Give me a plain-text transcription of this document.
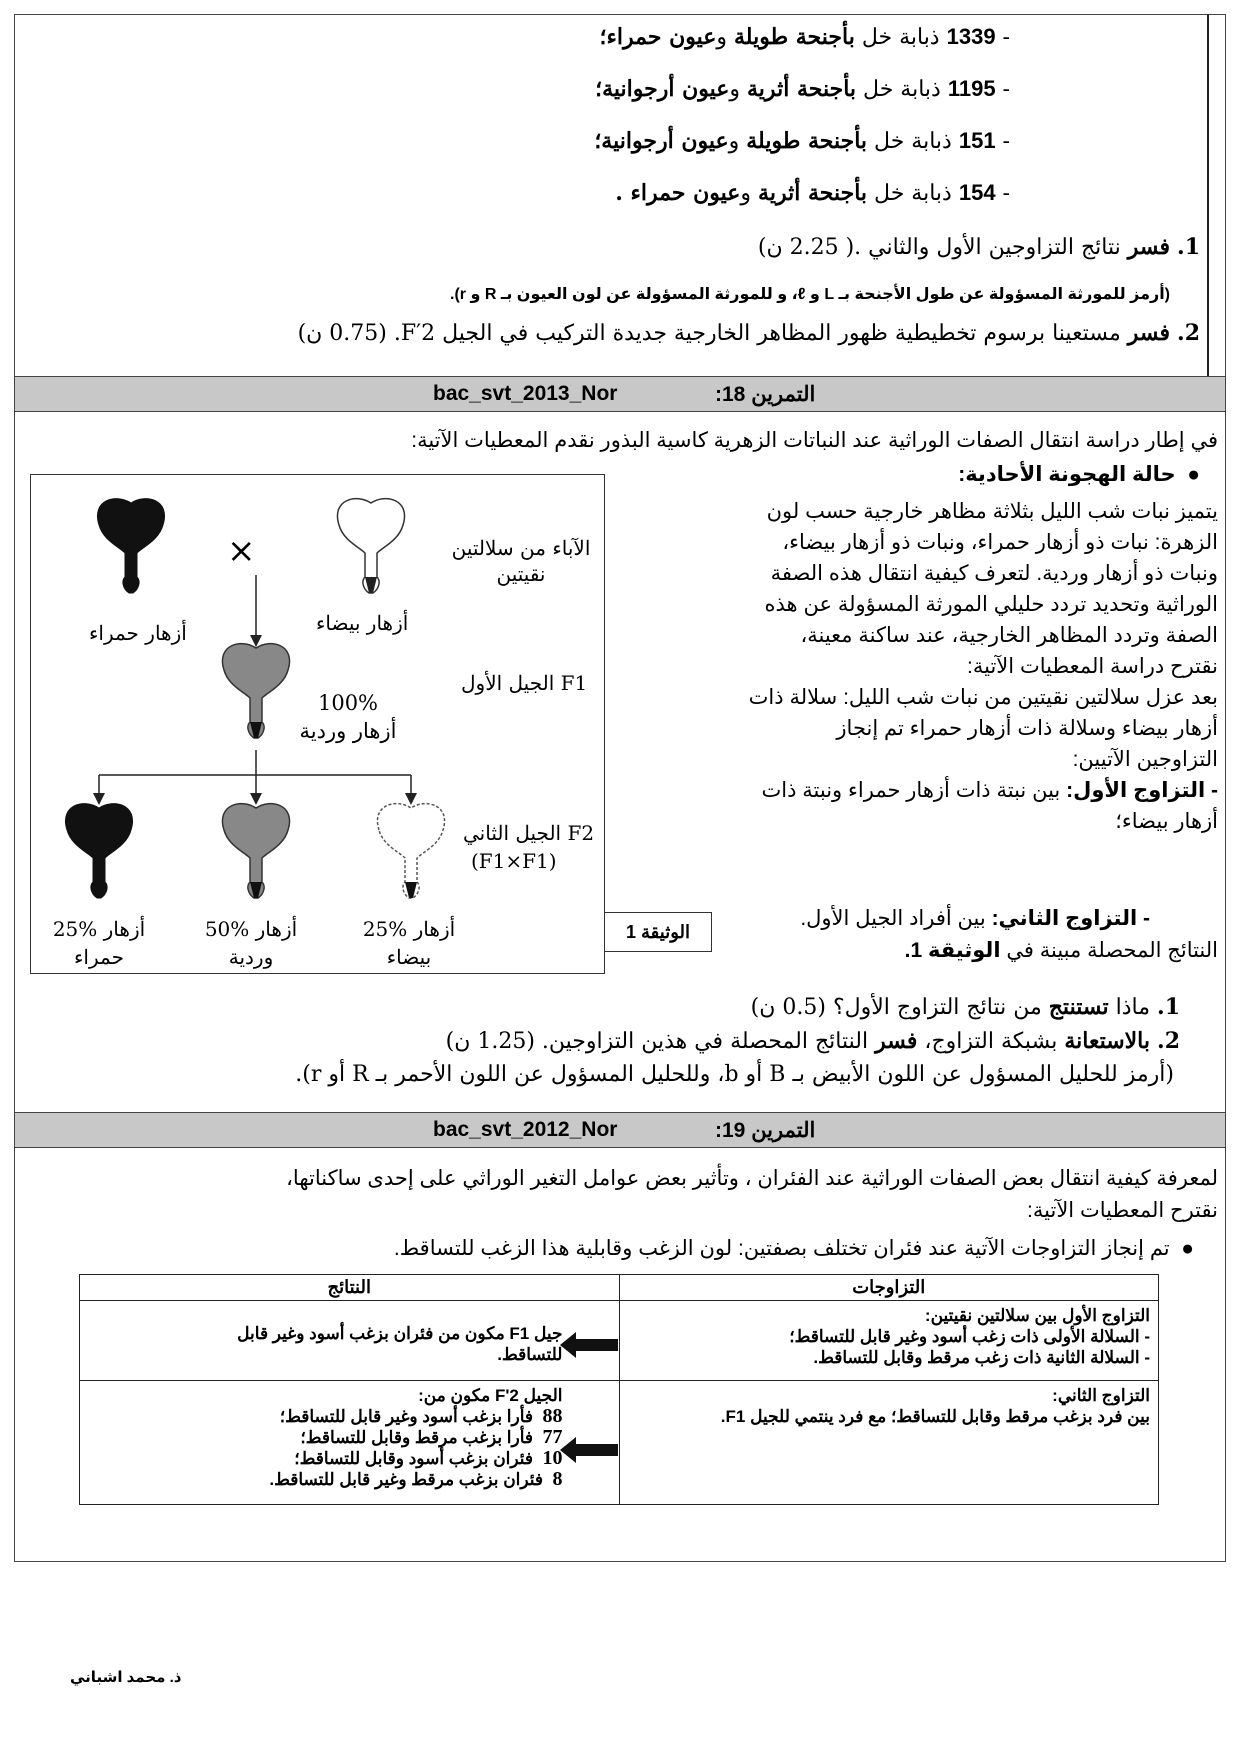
- 1339 ذبابة خل بأجنحة طويلة وعيون حمراء؛
- 1195 ذبابة خل بأجنحة أثرية وعيون أرجوانية؛
- 151 ذبابة خل بأجنحة طويلة وعيون أرجوانية؛
- 154 ذبابة خل بأجنحة أثرية وعيون حمراء .
1. فسر نتائج التزاوجين الأول والثاني .( 2.25 ن)
(أرمز للمورثة المسؤولة عن طول الأجنحة بـ L و ℓ، و للمورثة المسؤولة عن لون العيون بـ R و r).
2. فسر مستعينا برسوم تخطيطية ظهور المظاهر الخارجية جديدة التركيب في الجيل F′2. (0.75 ن)
bac_svt_2013_Nor	التمرين 18:
في إطار دراسة انتقال الصفات الوراثية عند النباتات الزهرية كاسية البذور نقدم المعطيات الآتية:
●  حالة الهجونة الأحادية:
يتميز نبات شب الليل بثلاثة مظاهر خارجية حسب لون
الزهرة: نبات ذو أزهار حمراء، ونبات ذو أزهار بيضاء،
ونبات ذو أزهار وردية. لتعرف كيفية انتقال هذه الصفة
الوراثية وتحديد تردد حليلي المورثة المسؤولة عن هذه
الصفة وتردد المظاهر الخارجية، عند ساكنة معينة،
نقترح دراسة المعطيات الآتية:
بعد عزل سلالتين نقيتين من نبات شب الليل: سلالة ذات
أزهار بيضاء وسلالة ذات أزهار حمراء تم إنجاز
التزاوجين الآتيين:
- التزاوج الأول: بين نبتة ذات أزهار حمراء ونبتة ذات
أزهار بيضاء؛
- التزاوج الثاني: بين أفراد الجيل الأول.
النتائج المحصلة مبينة في الوثيقة 1.
الوثيقة 1
×	الآباء من سلالتين نقيتين
أزهار بيضاء
أزهار حمراء
الجيل الأول F1
100% أزهار وردية
الجيل الثاني F2
(F1×F1)
25% أزهار بيضاء
50% أزهار وردية
25% أزهار حمراء
1. ماذا تستنتج من نتائج التزاوج الأول؟ (0.5 ن)
2. بالاستعانة بشبكة التزاوج، فسر النتائج المحصلة في هذين التزاوجين. (1.25 ن)
(أرمز للحليل المسؤول عن اللون الأبيض بـ B أو b، وللحليل المسؤول عن اللون الأحمر بـ R أو r).
bac_svt_2012_Nor	التمرين 19:
لمعرفة كيفية انتقال بعض الصفات الوراثية عند الفئران ، وتأثير بعض عوامل التغير الوراثي على إحدى ساكناتها،
نقترح المعطيات الآتية:
●  تم إنجاز التزاوجات الآتية عند فئران تختلف بصفتين: لون الزغب وقابلية هذا الزغب للتساقط.
التزاوجات	النتائج

التزاوج الأول بين سلالتين نقيتين:
- السلالة الأولى ذات زغب أسود وغير قابل للتساقط؛
- السلالة الثانية ذات زغب مرقط وقابل للتساقط.	جيل F1 مكون من فئران بزغب أسود وغير قابل
للتساقط.

التزاوج الثاني:
بين فرد بزغب مرقط وقابل للتساقط؛ مع فرد ينتمي للجيل F1.	الجيل F'2 مكون من:
88  فأرا بزغب أسود وغير قابل للتساقط؛
77  فأرا بزغب مرقط وقابل للتساقط؛
10  فئران بزغب أسود وقابل للتساقط؛
8  فئران بزغب مرقط وغير قابل للتساقط.
ذ. محمد اشباني
